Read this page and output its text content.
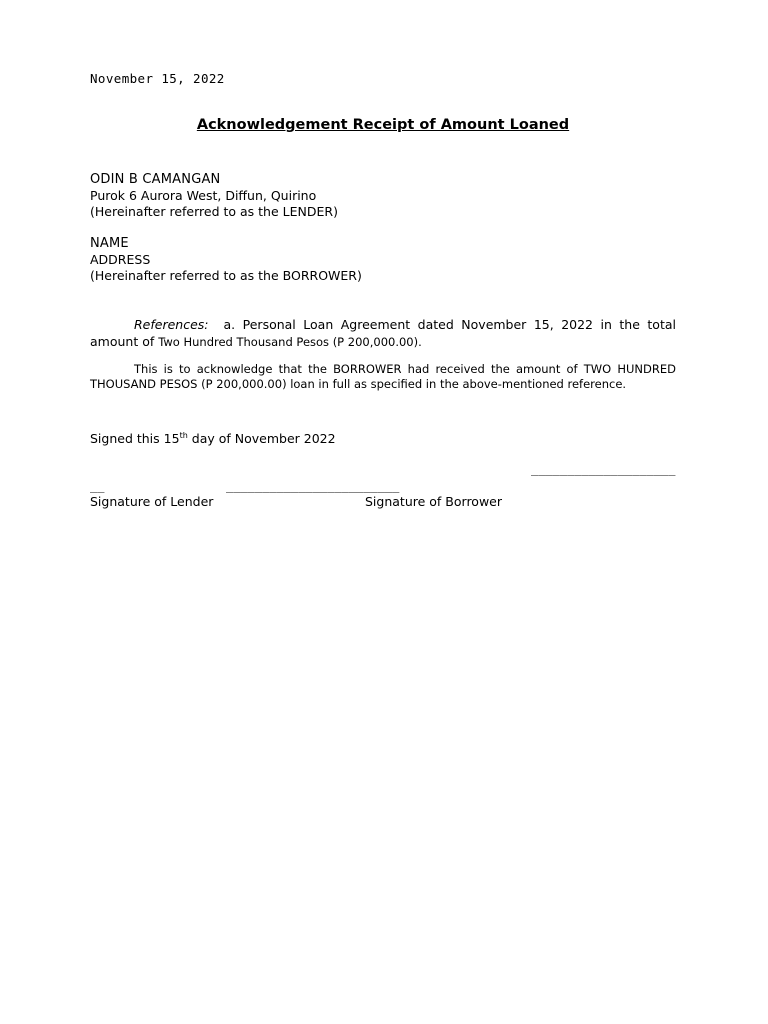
November 15, 2022
Acknowledgement Receipt of Amount Loaned
ODIN B CAMANGAN
Purok 6 Aurora West, Diffun, Quirino
(Hereinafter referred to as the LENDER)
NAME
ADDRESS
(Hereinafter referred to as the BORROWER)
References: a. Personal Loan Agreement dated November 15, 2022 in the total amount of Two Hundred Thousand Pesos (P 200,000.00).
This is to acknowledge that the BORROWER had received the amount of TWO HUNDRED THOUSAND PESOS (P 200,000.00) loan in full as specified in the above-mentioned reference.
Signed this 15th day of November 2022
____________________
__	________________________
Signature of Lender	Signature of Borrower
